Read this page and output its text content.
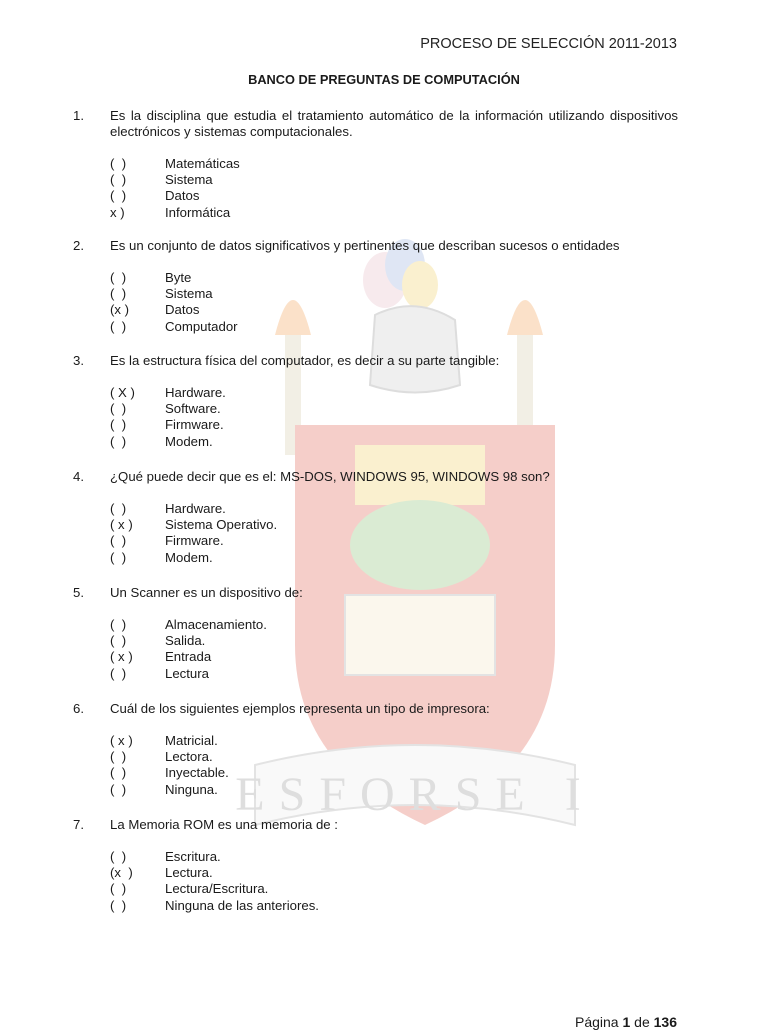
ESFORSE I
PROCESO DE SELECCIÓN 2011-2013
BANCO DE PREGUNTAS DE COMPUTACIÓN
1.	Es la disciplina que estudia el tratamiento automático de la información utilizando dispositivos electrónicos y sistemas computacionales.
(  )	Matemáticas
(  )	Sistema
(  )	Datos
x )	Informática
2.	Es un conjunto de datos significativos y pertinentes que describan sucesos o entidades
(  )	Byte
(  )	Sistema
(x )	Datos
(  )	Computador
3.	Es la estructura física del computador, es decir a su parte tangible:
( X )	Hardware.
(  )	Software.
(  )	Firmware.
(  )	Modem.
4.	¿Qué puede decir que es el: MS-DOS, WINDOWS 95, WINDOWS 98 son?
(  )	Hardware.
( x )	Sistema Operativo.
(  )	Firmware.
(  )	Modem.
5.	Un Scanner es un dispositivo de:
(  )	Almacenamiento.
(  )	Salida.
( x )	Entrada
(  )	Lectura
6.	Cuál de los siguientes ejemplos representa un tipo de impresora:
( x )	Matricial.
(  )	Lectora.
(  )	Inyectable.
(  )	Ninguna.
7.	La Memoria ROM es una memoria de :
(  )	Escritura.
(x  )	Lectura.
(  )	Lectura/Escritura.
(  )	Ninguna de las anteriores.
Página 1 de 136
